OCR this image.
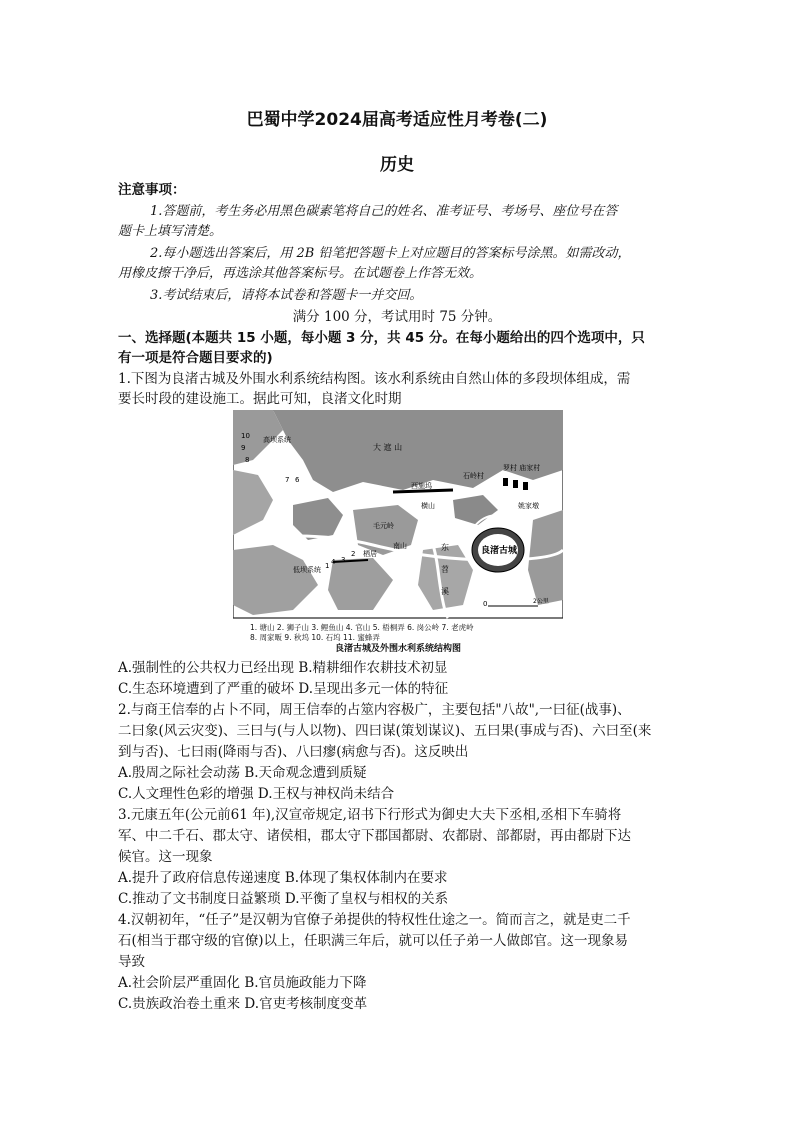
巴蜀中学2024届高考适应性月考卷(二)
历史
注意事项：
1.答题前，考生务必用黑色碳素笔将自己的姓名、准考证号、考场号、座位号在答
题卡上填写清楚。
2.每小题选出答案后，用 2B 铅笔把答题卡上对应题目的答案标号涂黑。如需改动，
用橡皮擦干净后，再选涂其他答案标号。在试题卷上作答无效。
3.考试结束后，请将本试卷和答题卡一并交回。
满分 100 分，考试用时 75 分钟。
一、选择题(本题共 15 小题，每小题 3 分，共 45 分。在每小题给出的四个选项中，只
有一项是符合题目要求的)
1.下图为良渚古城及外围水利系统结构图。该水利系统由自然山体的多段坝体组成，需
要长时段的建设施工。据此可知，良渚文化时期
大 遮 山
高坝系统
西施坞
石岭村
罗村 庙家村
姚家墩
横山
毛元岭
南山	良渚古城
东
苕
溪
低坝系统
栖居
2公里
10
9
8
7 6
1
2
3
4
0
1. 塘山 2. 狮子山 3. 鲤鱼山 4. 官山 5. 梧桐弄 6. 岗公岭 7. 老虎岭
8. 周家畈 9. 秋坞 10. 石坞 11. 蜜蜂弄
良渚古城及外围水利系统结构图
A.强制性的公共权力已经出现 B.精耕细作农耕技术初显
C.生态环境遭到了严重的破坏 D.呈现出多元一体的特征
2.与商王信奉的占卜不同，周王信奉的占筮内容极广，主要包括"八故",一曰征(战事)、
二曰象(风云灾变)、三曰与(与人以物)、四曰谋(策划谋议)、五曰果(事成与否)、六曰至(来
到与否)、七曰雨(降雨与否)、八曰瘳(病愈与否)。这反映出
A.殷周之际社会动荡 B.天命观念遭到质疑
C.人文理性色彩的增强 D.王权与神权尚未结合
3.元康五年(公元前61 年),汉宣帝规定,诏书下行形式为御史大夫下丞相,丞相下车骑将
军、中二千石、郡太守、诸侯相，郡太守下郡国都尉、农都尉、部都尉，再由都尉下达
候官。这一现象
A.提升了政府信息传递速度 B.体现了集权体制内在要求
C.推动了文书制度日益繁琐 D.平衡了皇权与相权的关系
4.汉朝初年，“任子”是汉朝为官僚子弟提供的特权性仕途之一。简而言之，就是吏二千
石(相当于郡守级的官僚)以上，任职满三年后，就可以任子弟一人做郎官。这一现象易
导致
A.社会阶层严重固化 B.官员施政能力下降
C.贵族政治卷土重来 D.官吏考核制度变革
